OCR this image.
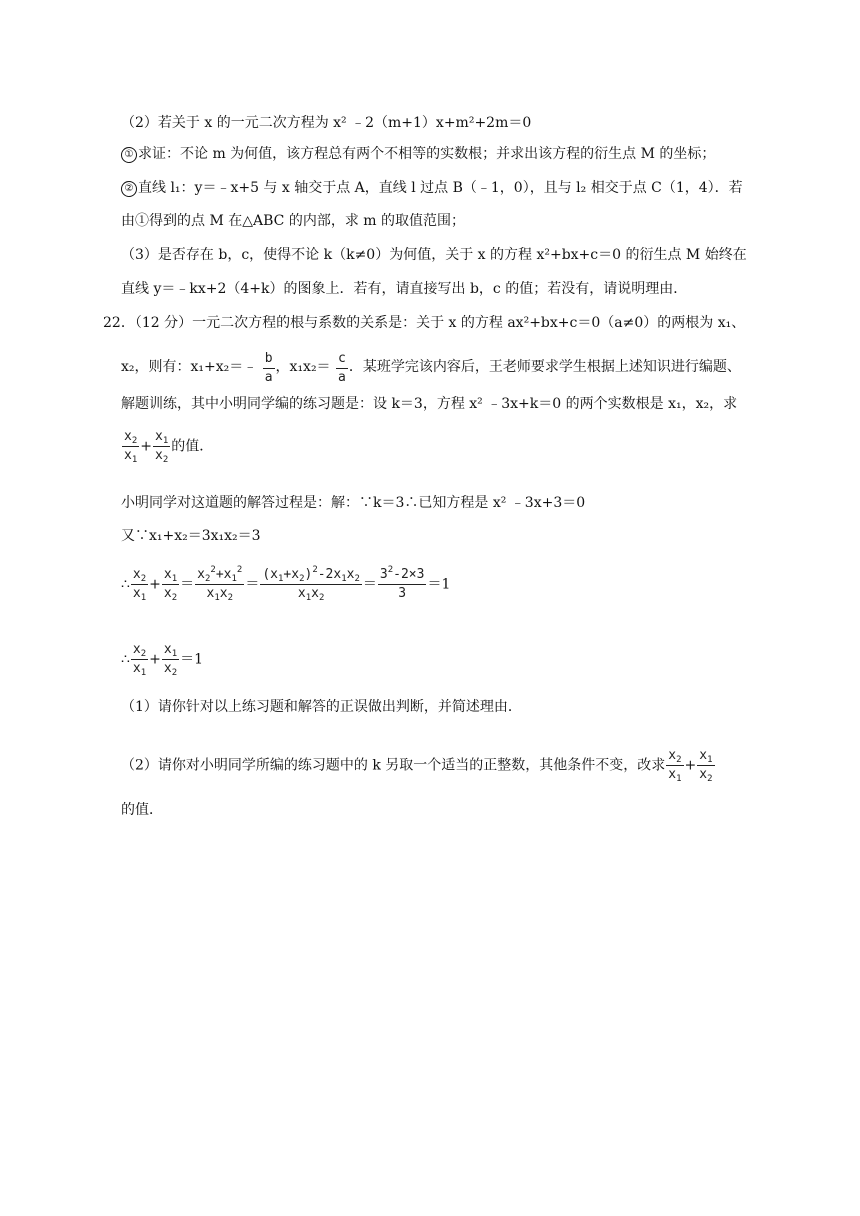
（2）若关于 x 的一元二次方程为 x² ﹣2（m+1）x+m²+2m＝0
① 求证：不论 m 为何值，该方程总有两个不相等的实数根；并求出该方程的衍生点 M 的坐标；
② 直线 l₁：y＝﹣x+5 与 x 轴交于点 A，直线 l 过点 B（﹣1，0），且与 l₂ 相交于点 C（1，4）．若
由①得到的点 M 在△ABC 的内部，求 m 的取值范围；
（3）是否存在 b，c，使得不论 k（k≠0）为何值，关于 x 的方程 x²+bx+c＝0 的衍生点 M 始终在
直线 y＝﹣kx+2（4+k）的图象上．若有，请直接写出 b，c 的值；若没有，请说明理由．
22．（12 分）一元二次方程的根与系数的关系是：关于 x 的方程 ax²+bx+c＝0（a≠0）的两根为 x₁、
x₂，则有：x₁+x₂＝﹣ $\frac{b}{a}$ ，$x_1x_2= \frac{c}{a}$ ．某班学完该内容后，王老师要求学生根据上述知识进行编题、
解题训练，其中小明同学编的练习题是：设 k＝3，方程 x² ﹣3x+k＝0 的两个实数根是 x₁，x₂，求
$\frac{x_2}{x_1} + \frac{x_1}{x_2}$ 的值．
小明同学对这道题的解答过程是：解：∵k＝3∴已知方程是 x² ﹣3x+3＝0
又∵x₁+x₂＝3x₁x₂＝3
∴ $\frac{x_2}{x_1} + \frac{x_1}{x_2} = \frac{x_2^2+x_1^2}{x_1x_2} = \frac{(x_1+x_2)^2-2x_1x_2}{x_1x_2} = \frac{3^2-2\times 3}{3} =1$
∴ $\frac{x_2}{x_1} + \frac{x_1}{x_2} =1$
（1）请你针对以上练习题和解答的正误做出判断，并简述理由．
（2）请你对小明同学所编的练习题中的 k 另取一个适当的正整数，其他条件不变，改求 $\frac{x_2}{x_1} + \frac{x_1}{x_2}$
的值．
